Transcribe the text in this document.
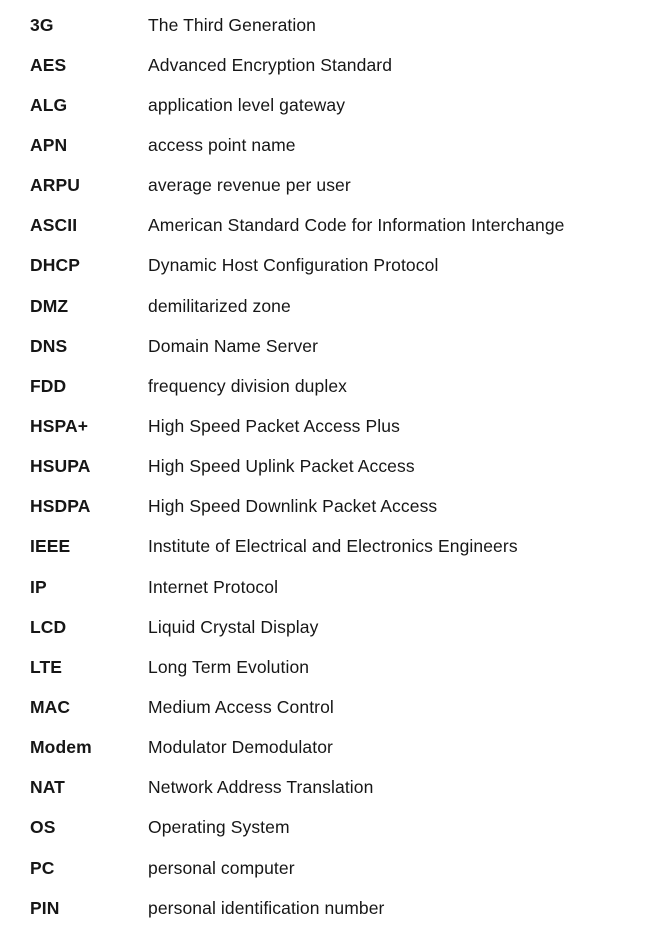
3G	The Third Generation
AES	Advanced Encryption Standard
ALG	application level gateway
APN	access point name
ARPU	average revenue per user
ASCII	American Standard Code for Information Interchange
DHCP	Dynamic Host Configuration Protocol
DMZ	demilitarized zone
DNS	Domain Name Server
FDD	frequency division duplex
HSPA+	High Speed Packet Access Plus
HSUPA	High Speed Uplink Packet Access
HSDPA	High Speed Downlink Packet Access
IEEE	Institute of Electrical and Electronics Engineers
IP	Internet Protocol
LCD	Liquid Crystal Display
LTE	Long Term Evolution
MAC	Medium Access Control
Modem	Modulator Demodulator
NAT	Network Address Translation
OS	Operating System
PC	personal computer
PIN	personal identification number
